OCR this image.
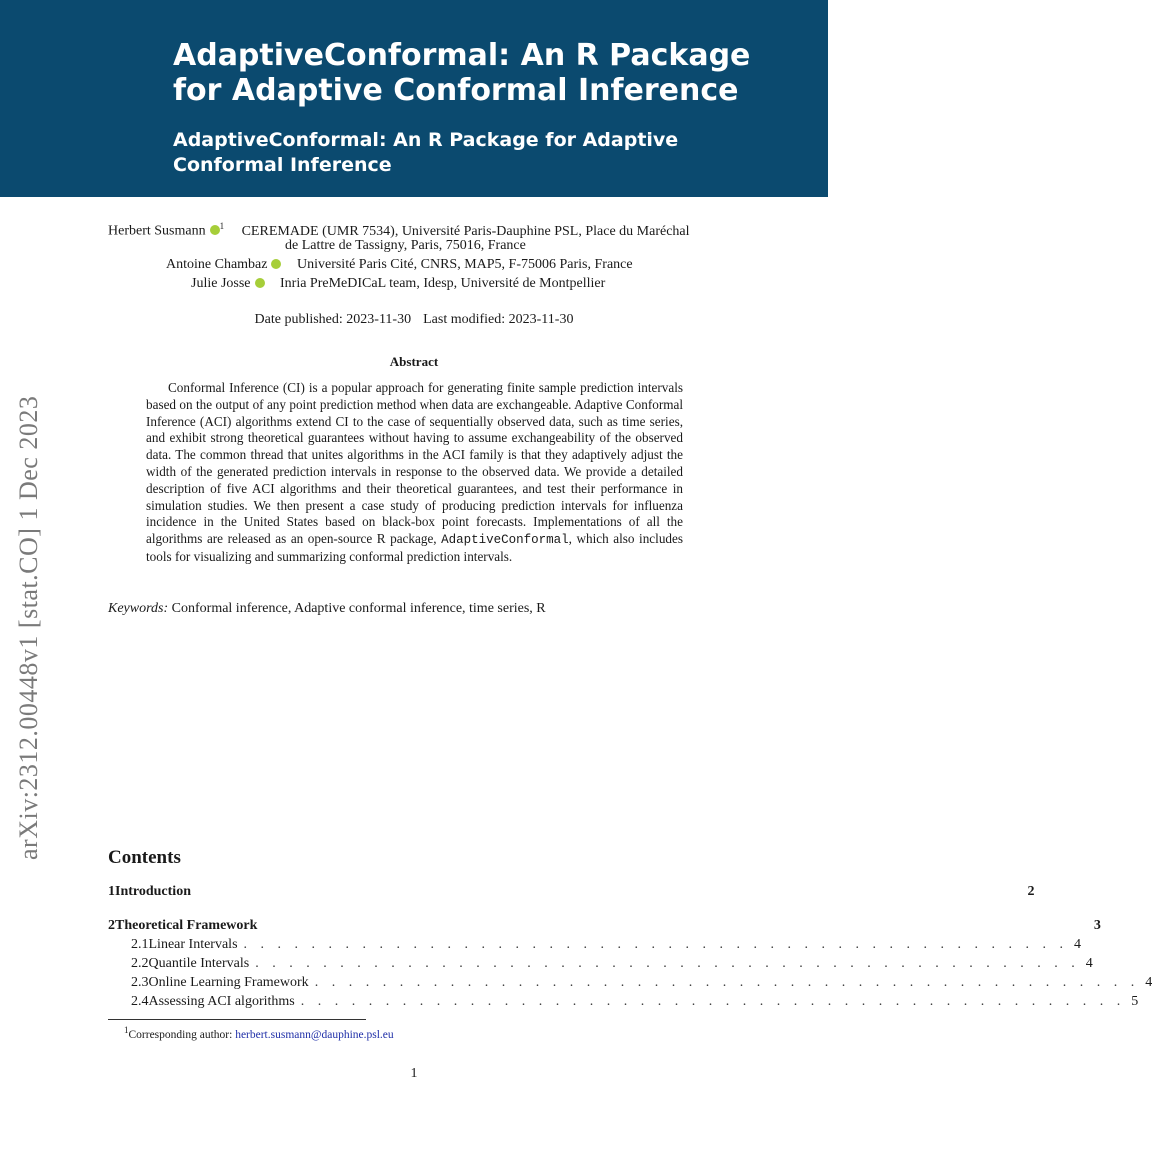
AdaptiveConformal: An R Package for Adaptive Conformal Inference
AdaptiveConformal: An R Package for Adaptive Conformal Inference
arXiv:2312.00448v1 [stat.CO] 1 Dec 2023
Herbert Susmann $^1$ CEREMADE (UMR 7534), Université Paris-Dauphine PSL, Place du Maréchal
de Lattre de Tassigny, Paris, 75016, France
Antoine Chambaz Université Paris Cité, CNRS, MAP5, F-75006 Paris, France
Julie Josse Inria PreMeDICaL team, Idesp, Université de Montpellier
Date published: 2023-11-30 Last modified: 2023-11-30
Abstract

Conformal Inference (CI) is a popular approach for generating finite sample prediction intervals based on the output of any point prediction method when data are exchangeable. Adaptive Conformal Inference (ACI) algorithms extend CI to the case of sequentially observed data, such as time series, and exhibit strong theoretical guarantees without having to assume exchangeability of the observed data. The common thread that unites algorithms in the ACI family is that they adaptively adjust the width of the generated prediction intervals in response to the observed data. We provide a detailed description of five ACI algorithms and their theoretical guarantees, and test their performance in simulation studies. We then present a case study of producing prediction intervals for influenza incidence in the United States based on black-box point forecasts. Implementations of all the algorithms are released as an open-source R package, AdaptiveConformal, which also includes tools for visualizing and summarizing conformal prediction intervals.

Keywords: Conformal inference, Adaptive conformal inference, time series, R
Contents
1 Introduction	2
2 Theoretical Framework	3
2.1 Linear Intervals . . . . . . . . . . . . . . . . . . . . . . . . . . . . . . . . . . . . . . . . . . . . . . . . . 4
2.2 Quantile Intervals . . . . . . . . . . . . . . . . . . . . . . . . . . . . . . . . . . . . . . . . . . . . . . . . . 4
2.3 Online Learning Framework . . . . . . . . . . . . . . . . . . . . . . . . . . . . . . . . . . . . . . . . . . . . . . . . . 4
2.4 Assessing ACI algorithms . . . . . . . . . . . . . . . . . . . . . . . . . . . . . . . . . . . . . . . . . . . . . . . . . 5
$^1$Corresponding author: herbert.susmann@dauphine.psl.eu
1
